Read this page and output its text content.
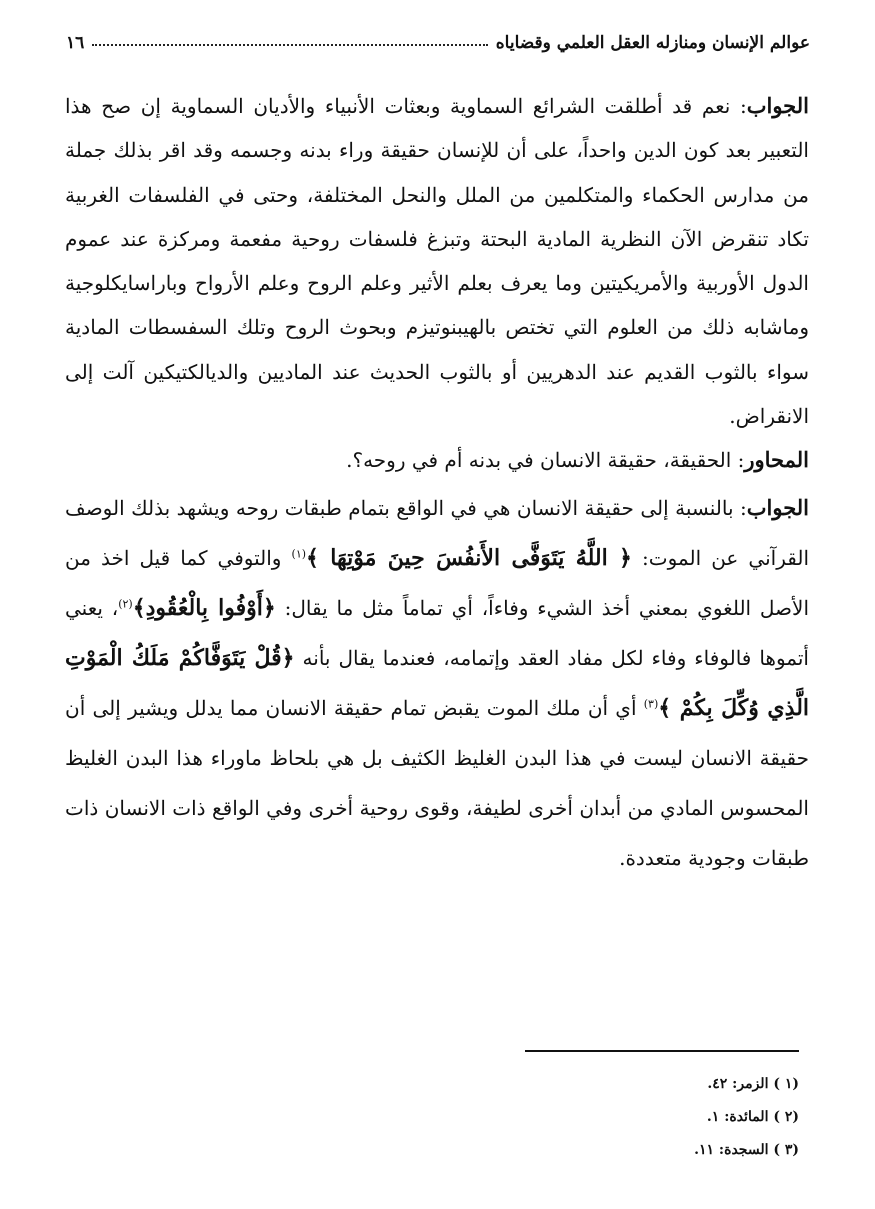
عوالم الإنسان ومنازله العقل العلمي وقضاياه
١٦

الجواب: نعم قد أطلقت الشرائع السماوية وبعثات الأنبياء والأديان السماوية إن صح هذا التعبير بعد كون الدين واحداً، على أن للإنسان حقيقة وراء بدنه وجسمه وقد اقر بذلك جملة من مدارس الحكماء والمتكلمين من الملل والنحل المختلفة، وحتى في الفلسفات الغربية تكاد تنقرض الآن النظرية المادية البحتة وتبزغ فلسفات روحية مفعمة ومركزة عند عموم الدول الأوربية والأمريكيتين وما يعرف بعلم الأثير وعلم الروح وعلم الأرواح وباراسايكلوجية وماشابه ذلك من العلوم التي تختص بالهيبنوتيزم وبحوث الروح وتلك السفسطات المادية سواء بالثوب القديم عند الدهريين أو بالثوب الحديث عند الماديين والديالكتيكين آلت إلى الانقراض.

المحاور: الحقيقة، حقيقة الانسان في بدنه أم في روحه؟.

الجواب: بالنسبة إلى حقيقة الانسان هي في الواقع بتمام طبقات روحه ويشهد بذلك الوصف القرآني عن الموت: ﴿ اللَّهُ يَتَوَفَّى الأَنفُسَ حِينَ مَوْتِهَا ﴾$^{(١)}$ والتوفي كما قيل اخذ من الأصل اللغوي بمعني أخذ الشيء وفاءاً، أي تماماً مثل ما يقال: ﴿أَوْفُوا بِالْعُقُودِ﴾$^{(٢)}$، يعني أتموها فالوفاء وفاء لكل مفاد العقد وإتمامه، فعندما يقال بأنه ﴿قُلْ يَتَوَفَّاكُمْ مَلَكُ الْمَوْتِ الَّذِي وُكِّلَ بِكُمْ ﴾$^{(٣)}$ أي أن ملك الموت يقبض تمام حقيقة الانسان مما يدلل ويشير إلى أن حقيقة الانسان ليست في هذا البدن الغليظ الكثيف بل هي بلحاظ ماوراء هذا البدن الغليظ المحسوس المادي من أبدان أخرى لطيفة، وقوى روحية أخرى وفي الواقع ذات الانسان ذات طبقات وجودية متعددة.

(١ ) الزمر: ٤٢.

(٢ ) المائدة: ١.

(٣ ) السجدة: ١١.
